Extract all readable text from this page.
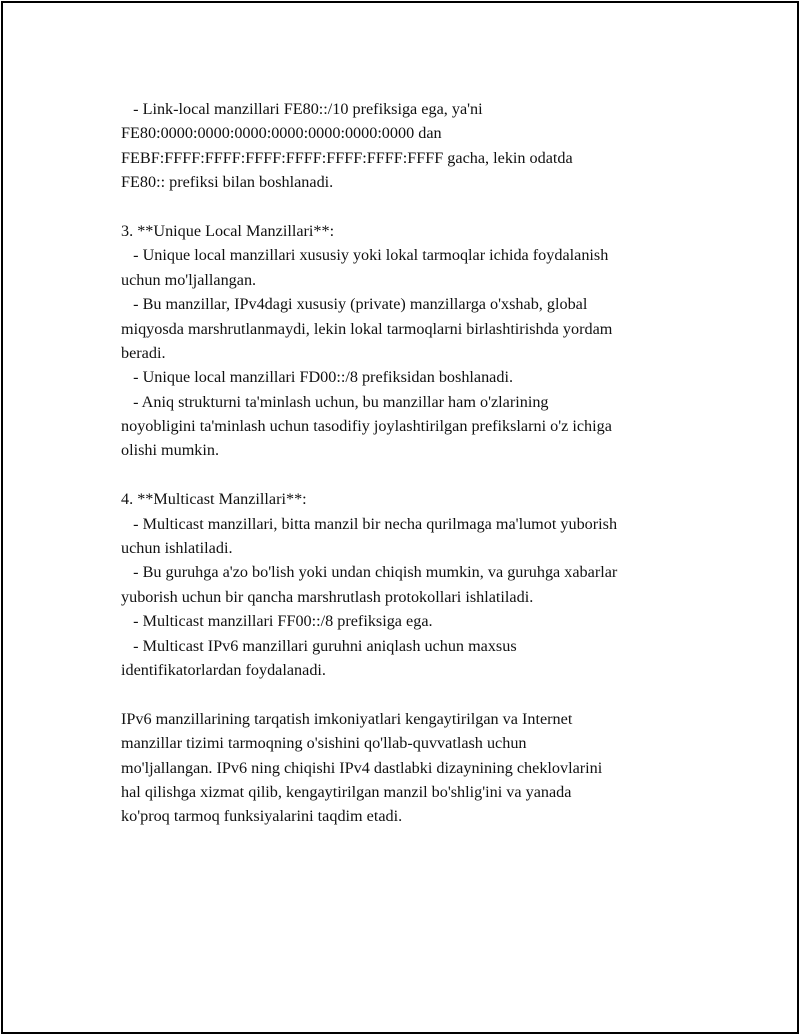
- Link-local manzillari FE80::/10 prefiksiga ega, ya'ni
FE80:0000:0000:0000:0000:0000:0000:0000 dan
FEBF:FFFF:FFFF:FFFF:FFFF:FFFF:FFFF:FFFF gacha, lekin odatda
FE80:: prefiksi bilan boshlanadi.
3. **Unique Local Manzillari**:
- Unique local manzillari xususiy yoki lokal tarmoqlar ichida foydalanish
uchun mo'ljallangan.
- Bu manzillar, IPv4dagi xususiy (private) manzillarga o'xshab, global
miqyosda marshrutlanmaydi, lekin lokal tarmoqlarni birlashtirishda yordam
beradi.
- Unique local manzillari FD00::/8 prefiksidan boshlanadi.
- Aniq strukturni ta'minlash uchun, bu manzillar ham o'zlarining
noyobligini ta'minlash uchun tasodifiy joylashtirilgan prefikslarni o'z ichiga
olishi mumkin.
4. **Multicast Manzillari**:
- Multicast manzillari, bitta manzil bir necha qurilmaga ma'lumot yuborish
uchun ishlatiladi.
- Bu guruhga a'zo bo'lish yoki undan chiqish mumkin, va guruhga xabarlar
yuborish uchun bir qancha marshrutlash protokollari ishlatiladi.
- Multicast manzillari FF00::/8 prefiksiga ega.
- Multicast IPv6 manzillari guruhni aniqlash uchun maxsus
identifikatorlardan foydalanadi.
IPv6 manzillarining tarqatish imkoniyatlari kengaytirilgan va Internet
manzillar tizimi tarmoqning o'sishini qo'llab-quvvatlash uchun
mo'ljallangan. IPv6 ning chiqishi IPv4 dastlabki dizaynining cheklovlarini
hal qilishga xizmat qilib, kengaytirilgan manzil bo'shlig'ini va yanada
ko'proq tarmoq funksiyalarini taqdim etadi.
